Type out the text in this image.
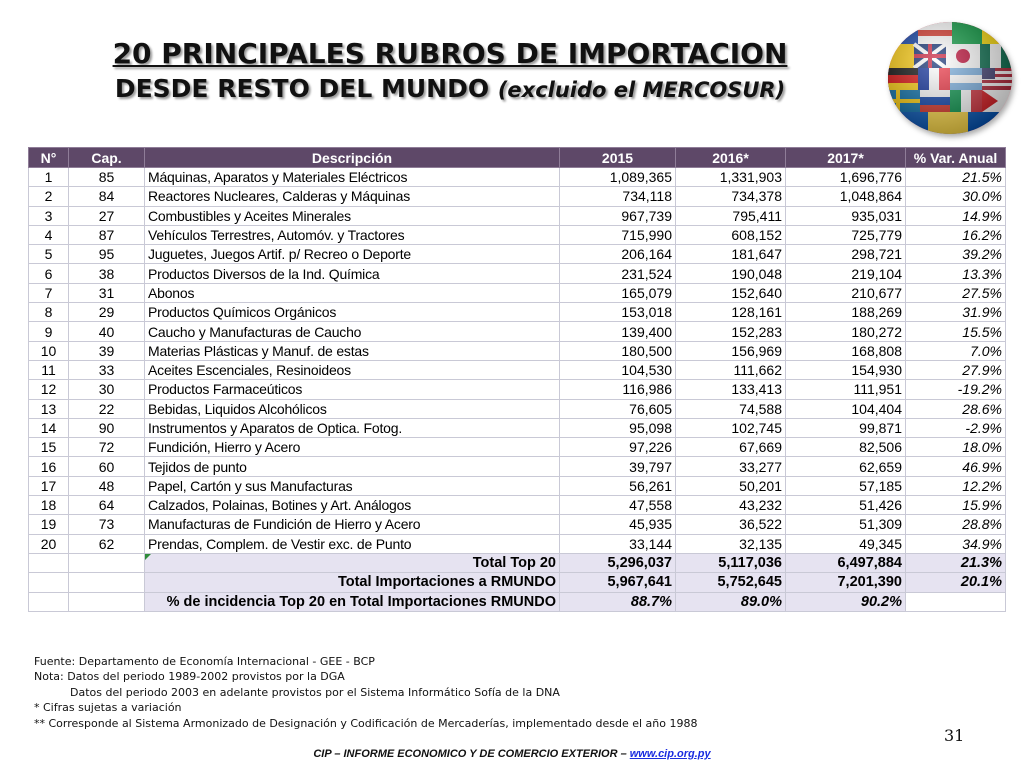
20 PRINCIPALES RUBROS DE IMPORTACION
DESDE RESTO DEL MUNDO (excluido el MERCOSUR)
N°	Cap.	Descripción	2015	2016*	2017*	% Var. Anual
1	85	Máquinas, Aparatos y Materiales Eléctricos	1,089,365	1,331,903	1,696,776	21.5%
2	84	Reactores Nucleares, Calderas y Máquinas	734,118	734,378	1,048,864	30.0%
3	27	Combustibles y Aceites Minerales	967,739	795,411	935,031	14.9%
4	87	Vehículos Terrestres, Automóv. y Tractores	715,990	608,152	725,779	16.2%
5	95	Juguetes, Juegos Artif. p/ Recreo o Deporte	206,164	181,647	298,721	39.2%
6	38	Productos Diversos de la Ind. Química	231,524	190,048	219,104	13.3%
7	31	Abonos	165,079	152,640	210,677	27.5%
8	29	Productos Químicos Orgánicos	153,018	128,161	188,269	31.9%
9	40	Caucho y Manufacturas de Caucho	139,400	152,283	180,272	15.5%
10	39	Materias Plásticas y Manuf. de estas	180,500	156,969	168,808	7.0%
11	33	Aceites Escenciales, Resinoideos	104,530	111,662	154,930	27.9%
12	30	Productos Farmaceúticos	116,986	133,413	111,951	-19.2%
13	22	Bebidas, Liquidos Alcohólicos	76,605	74,588	104,404	28.6%
14	90	Instrumentos y Aparatos de Optica. Fotog.	95,098	102,745	99,871	-2.9%
15	72	Fundición, Hierro y Acero	97,226	67,669	82,506	18.0%
16	60	Tejidos de punto	39,797	33,277	62,659	46.9%
17	48	Papel, Cartón y sus Manufacturas	56,261	50,201	57,185	12.2%
18	64	Calzados, Polainas, Botines y Art. Análogos	47,558	43,232	51,426	15.9%
19	73	Manufacturas de Fundición de Hierro y Acero	45,935	36,522	51,309	28.8%
20	62	Prendas, Complem. de Vestir exc. de Punto	33,144	32,135	49,345	34.9%
		Total Top 20	5,296,037	5,117,036	6,497,884	21.3%
		Total Importaciones a RMUNDO	5,967,641	5,752,645	7,201,390	20.1%
		% de incidencia Top 20 en Total Importaciones RMUNDO	88.7%	89.0%	90.2%	
Fuente: Departamento de Economía Internacional - GEE - BCP
Nota: Datos del periodo 1989-2002 provistos por la DGA
Datos del periodo 2003 en adelante provistos por el Sistema Informático Sofía de la DNA
* Cifras sujetas a variación
** Corresponde al Sistema Armonizado de Designación y Codificación de Mercaderías, implementado desde el año 1988
31
CIP – INFORME ECONOMICO Y DE COMERCIO EXTERIOR – www.cip.org.py
